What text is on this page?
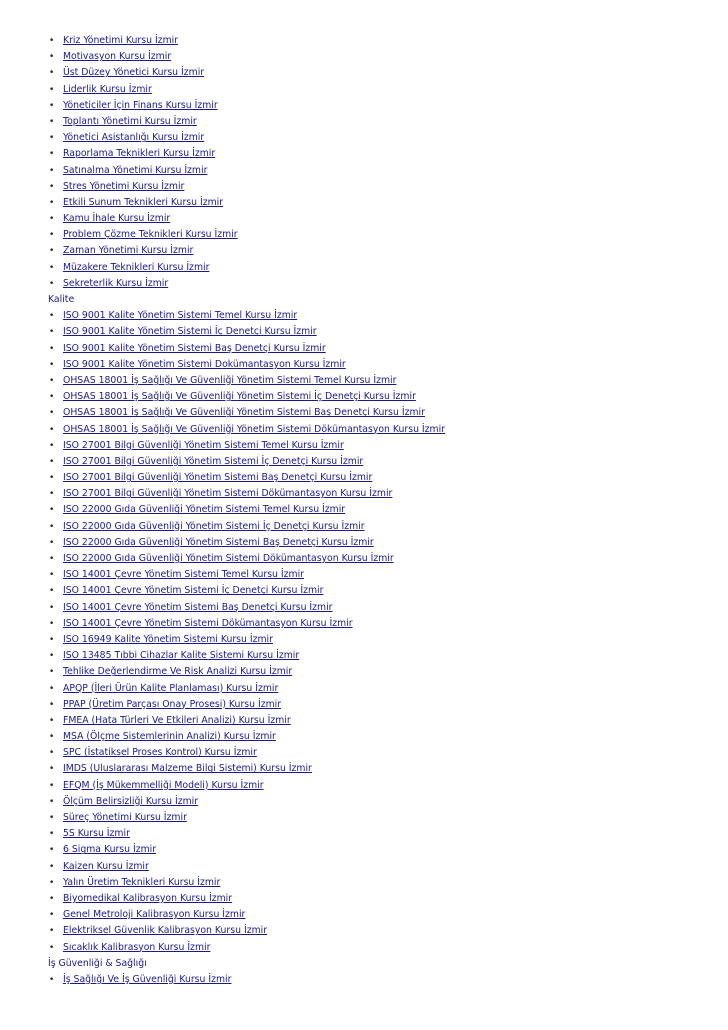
• Kriz Yönetimi Kursu İzmir
• Motivasyon Kursu İzmir
• Üst Düzey Yönetici Kursu İzmir
• Liderlik Kursu İzmir
• Yöneticiler İçin Finans Kursu İzmir
• Toplantı Yönetimi Kursu İzmir
• Yönetici Asistanlığı Kursu İzmir
• Raporlama Teknikleri Kursu İzmir
• Satınalma Yönetimi Kursu İzmir
• Stres Yönetimi Kursu İzmir
• Etkili Sunum Teknikleri Kursu İzmir
• Kamu İhale Kursu İzmir
• Problem Çözme Teknikleri Kursu İzmir
• Zaman Yönetimi Kursu İzmir
• Müzakere Teknikleri Kursu İzmir
• Sekreterlik Kursu İzmir
Kalite
• ISO 9001 Kalite Yönetim Sistemi Temel Kursu İzmir
• ISO 9001 Kalite Yönetim Sistemi İç Denetçi Kursu İzmir
• ISO 9001 Kalite Yönetim Sistemi Baş Denetçi Kursu İzmir
• ISO 9001 Kalite Yönetim Sistemi Dokümantasyon Kursu İzmir
• OHSAS 18001 İş Sağlığı Ve Güvenliği Yönetim Sistemi Temel Kursu İzmir
• OHSAS 18001 İş Sağlığı Ve Güvenliği Yönetim Sistemi İç Denetçi Kursu İzmir
• OHSAS 18001 İş Sağlığı Ve Güvenliği Yönetim Sistemi Baş Denetçi Kursu İzmir
• OHSAS 18001 İş Sağlığı Ve Güvenliği Yönetim Sistemi Dökümantasyon Kursu İzmir
• ISO 27001 Bilgi Güvenliği Yönetim Sistemi Temel Kursu İzmir
• ISO 27001 Bilgi Güvenliği Yönetim Sistemi İç Denetçi Kursu İzmir
• ISO 27001 Bilgi Güvenliği Yönetim Sistemi Baş Denetçi Kursu İzmir
• ISO 27001 Bilgi Güvenliği Yönetim Sistemi Dökümantasyon Kursu İzmir
• ISO 22000 Gıda Güvenliği Yönetim Sistemi Temel Kursu İzmir
• ISO 22000 Gıda Güvenliği Yönetim Sistemi İç Denetçi Kursu İzmir
• ISO 22000 Gıda Güvenliği Yönetim Sistemi Baş Denetçi Kursu İzmir
• ISO 22000 Gıda Güvenliği Yönetim Sistemi Dökümantasyon Kursu İzmir
• ISO 14001 Çevre Yönetim Sistemi Temel Kursu İzmir
• ISO 14001 Çevre Yönetim Sistemi İç Denetçi Kursu İzmir
• ISO 14001 Çevre Yönetim Sistemi Baş Denetçi Kursu İzmir
• ISO 14001 Çevre Yönetim Sistemi Dökümantasyon Kursu İzmir
• ISO 16949 Kalite Yönetim Sistemi Kursu İzmir
• ISO 13485 Tıbbi Cihazlar Kalite Sistemi Kursu İzmir
• Tehlike Değerlendirme Ve Risk Analizi Kursu İzmir
• APQP (İleri Ürün Kalite Planlaması) Kursu İzmir
• PPAP (Üretim Parçası Onay Prosesi) Kursu İzmir
• FMEA (Hata Türleri Ve Etkileri Analizi) Kursu İzmir
• MSA (Ölçme Sistemlerinin Analizi) Kursu İzmir
• SPC (İstatiksel Proses Kontrol) Kursu İzmir
• IMDS (Uluslararası Malzeme Bilgi Sistemi) Kursu İzmir
• EFQM (İş Mükemmelliği Modeli) Kursu İzmir
• Ölçüm Belirsizliği Kursu İzmir
• Süreç Yönetimi Kursu İzmir
• 5S Kursu İzmir
• 6 Sigma Kursu İzmir
• Kaizen Kursu İzmir
• Yalın Üretim Teknikleri Kursu İzmir
• Biyomedikal Kalibrasyon Kursu İzmir
• Genel Metroloji Kalibrasyon Kursu İzmir
• Elektriksel Güvenlik Kalibrasyon Kursu İzmir
• Sıcaklık Kalibrasyon Kursu İzmir
İş Güvenliği & Sağlığı
• İş Sağlığı Ve İş Güvenliği Kursu İzmir
